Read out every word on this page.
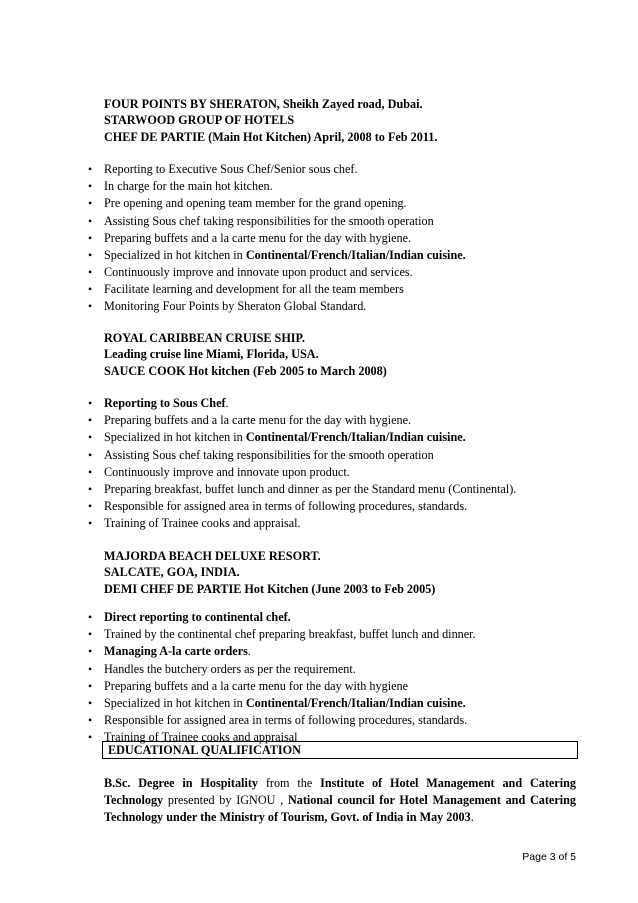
FOUR POINTS BY SHERATON, Sheikh Zayed road, Dubai.
STARWOOD GROUP OF HOTELS
CHEF DE PARTIE (Main Hot Kitchen) April, 2008 to Feb 2011.
• Reporting to Executive Sous Chef/Senior sous chef.
• In charge for the main hot kitchen.
• Pre opening and opening team member for the grand opening.
• Assisting Sous chef taking responsibilities for the smooth operation
• Preparing buffets and a la carte menu for the day with hygiene.
• Specialized in hot kitchen in Continental/French/Italian/Indian cuisine.
• Continuously improve and innovate upon product and services.
• Facilitate learning and development for all the team members
• Monitoring Four Points by Sheraton Global Standard.
ROYAL CARIBBEAN CRUISE SHIP.
Leading cruise line Miami, Florida, USA.
SAUCE COOK Hot kitchen (Feb 2005 to March 2008)
• Reporting to Sous Chef.
• Preparing buffets and a la carte menu for the day with hygiene.
• Specialized in hot kitchen in Continental/French/Italian/Indian cuisine.
• Assisting Sous chef taking responsibilities for the smooth operation
• Continuously improve and innovate upon product.
• Preparing breakfast, buffet lunch and dinner as per the Standard menu (Continental).
• Responsible for assigned area in terms of following procedures, standards.
• Training of Trainee cooks and appraisal.
MAJORDA BEACH DELUXE RESORT.
SALCATE, GOA, INDIA.
DEMI CHEF DE PARTIE Hot Kitchen (June 2003 to Feb 2005)
• Direct reporting to continental chef.
• Trained by the continental chef preparing breakfast, buffet lunch and dinner.
• Managing A-la carte orders.
• Handles the butchery orders as per the requirement.
• Preparing buffets and a la carte menu for the day with hygiene
• Specialized in hot kitchen in Continental/French/Italian/Indian cuisine.
• Responsible for assigned area in terms of following procedures, standards.
• Training of Trainee cooks and appraisal
EDUCATIONAL QUALIFICATION
B.Sc. Degree in Hospitality from the Institute of Hotel Management and Catering Technology presented by IGNOU , National council for Hotel Management and Catering Technology under the Ministry of Tourism, Govt. of India in May 2003.
Page 3 of 5
